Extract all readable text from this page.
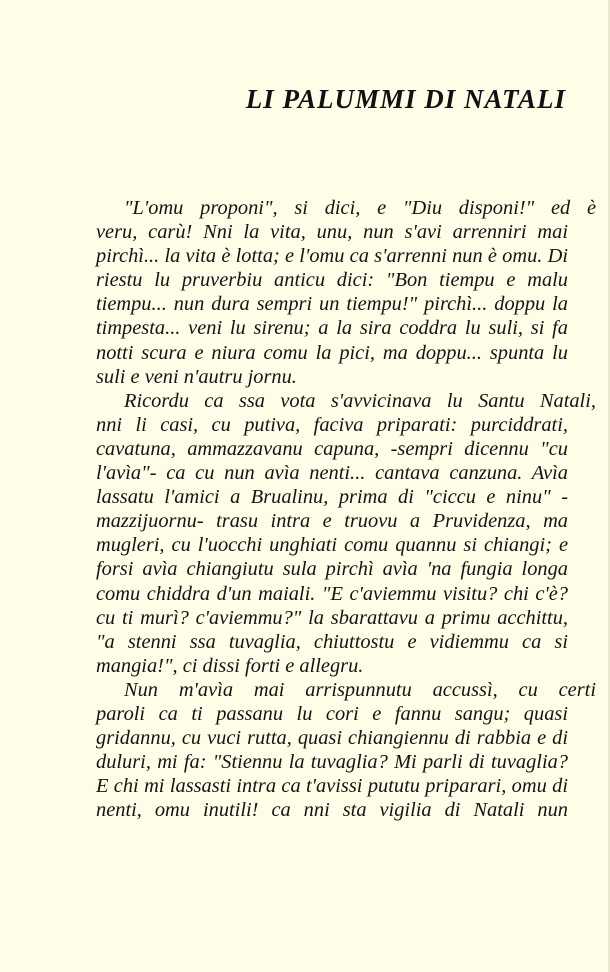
LI PALUMMI DI NATALI
"L'omu proponi", si dici, e "Diu disponi!" ed è
veru, carù! Nni la vita, unu, nun s'avi arrenniri mai
pirchì... la vita è lotta; e l'omu ca s'arrenni nun è omu. Di
riestu lu pruverbiu anticu dici: "Bon tiempu e malu
tiempu... nun dura sempri un tiempu!" pirchì... doppu la
timpesta... veni lu sirenu; a la sira coddra lu suli, si fa
notti scura e niura comu la pici, ma doppu... spunta lu
suli e veni n'autru jornu.
Ricordu ca ssa vota s'avvicinava lu Santu Natali,
nni li casi, cu putiva, faciva priparati: purciddrati,
cavatuna, ammazzavanu capuna, -sempri dicennu "cu
l'avìa"- ca cu nun avìa nenti... cantava canzuna. Avìa
lassatu l'amici a Brualinu, prima di "ciccu e ninu" -
mazzijuornu- trasu intra e truovu a Pruvidenza, ma
mugleri, cu l'uocchi unghiati comu quannu si chiangi; e
forsi avìa chiangiutu sula pirchì avìa 'na fungia longa
comu chiddra d'un maiali. "E c'aviemmu visitu? chi c'è?
cu ti murì? c'aviemmu?" la sbarattavu a primu acchittu,
"a stenni ssa tuvaglia, chiuttostu e vidiemmu ca si
mangia!", ci dissi forti e allegru.
Nun m'avìa mai arrispunnutu accussì, cu certi
paroli ca ti passanu lu cori e fannu sangu; quasi
gridannu, cu vuci rutta, quasi chiangiennu di rabbia e di
duluri, mi fa: "Stiennu la tuvaglia? Mi parli di tuvaglia?
E chi mi lassasti intra ca t'avissi pututu priparari, omu di
nenti, omu inutili! ca nni sta vigilia di Natali nun
